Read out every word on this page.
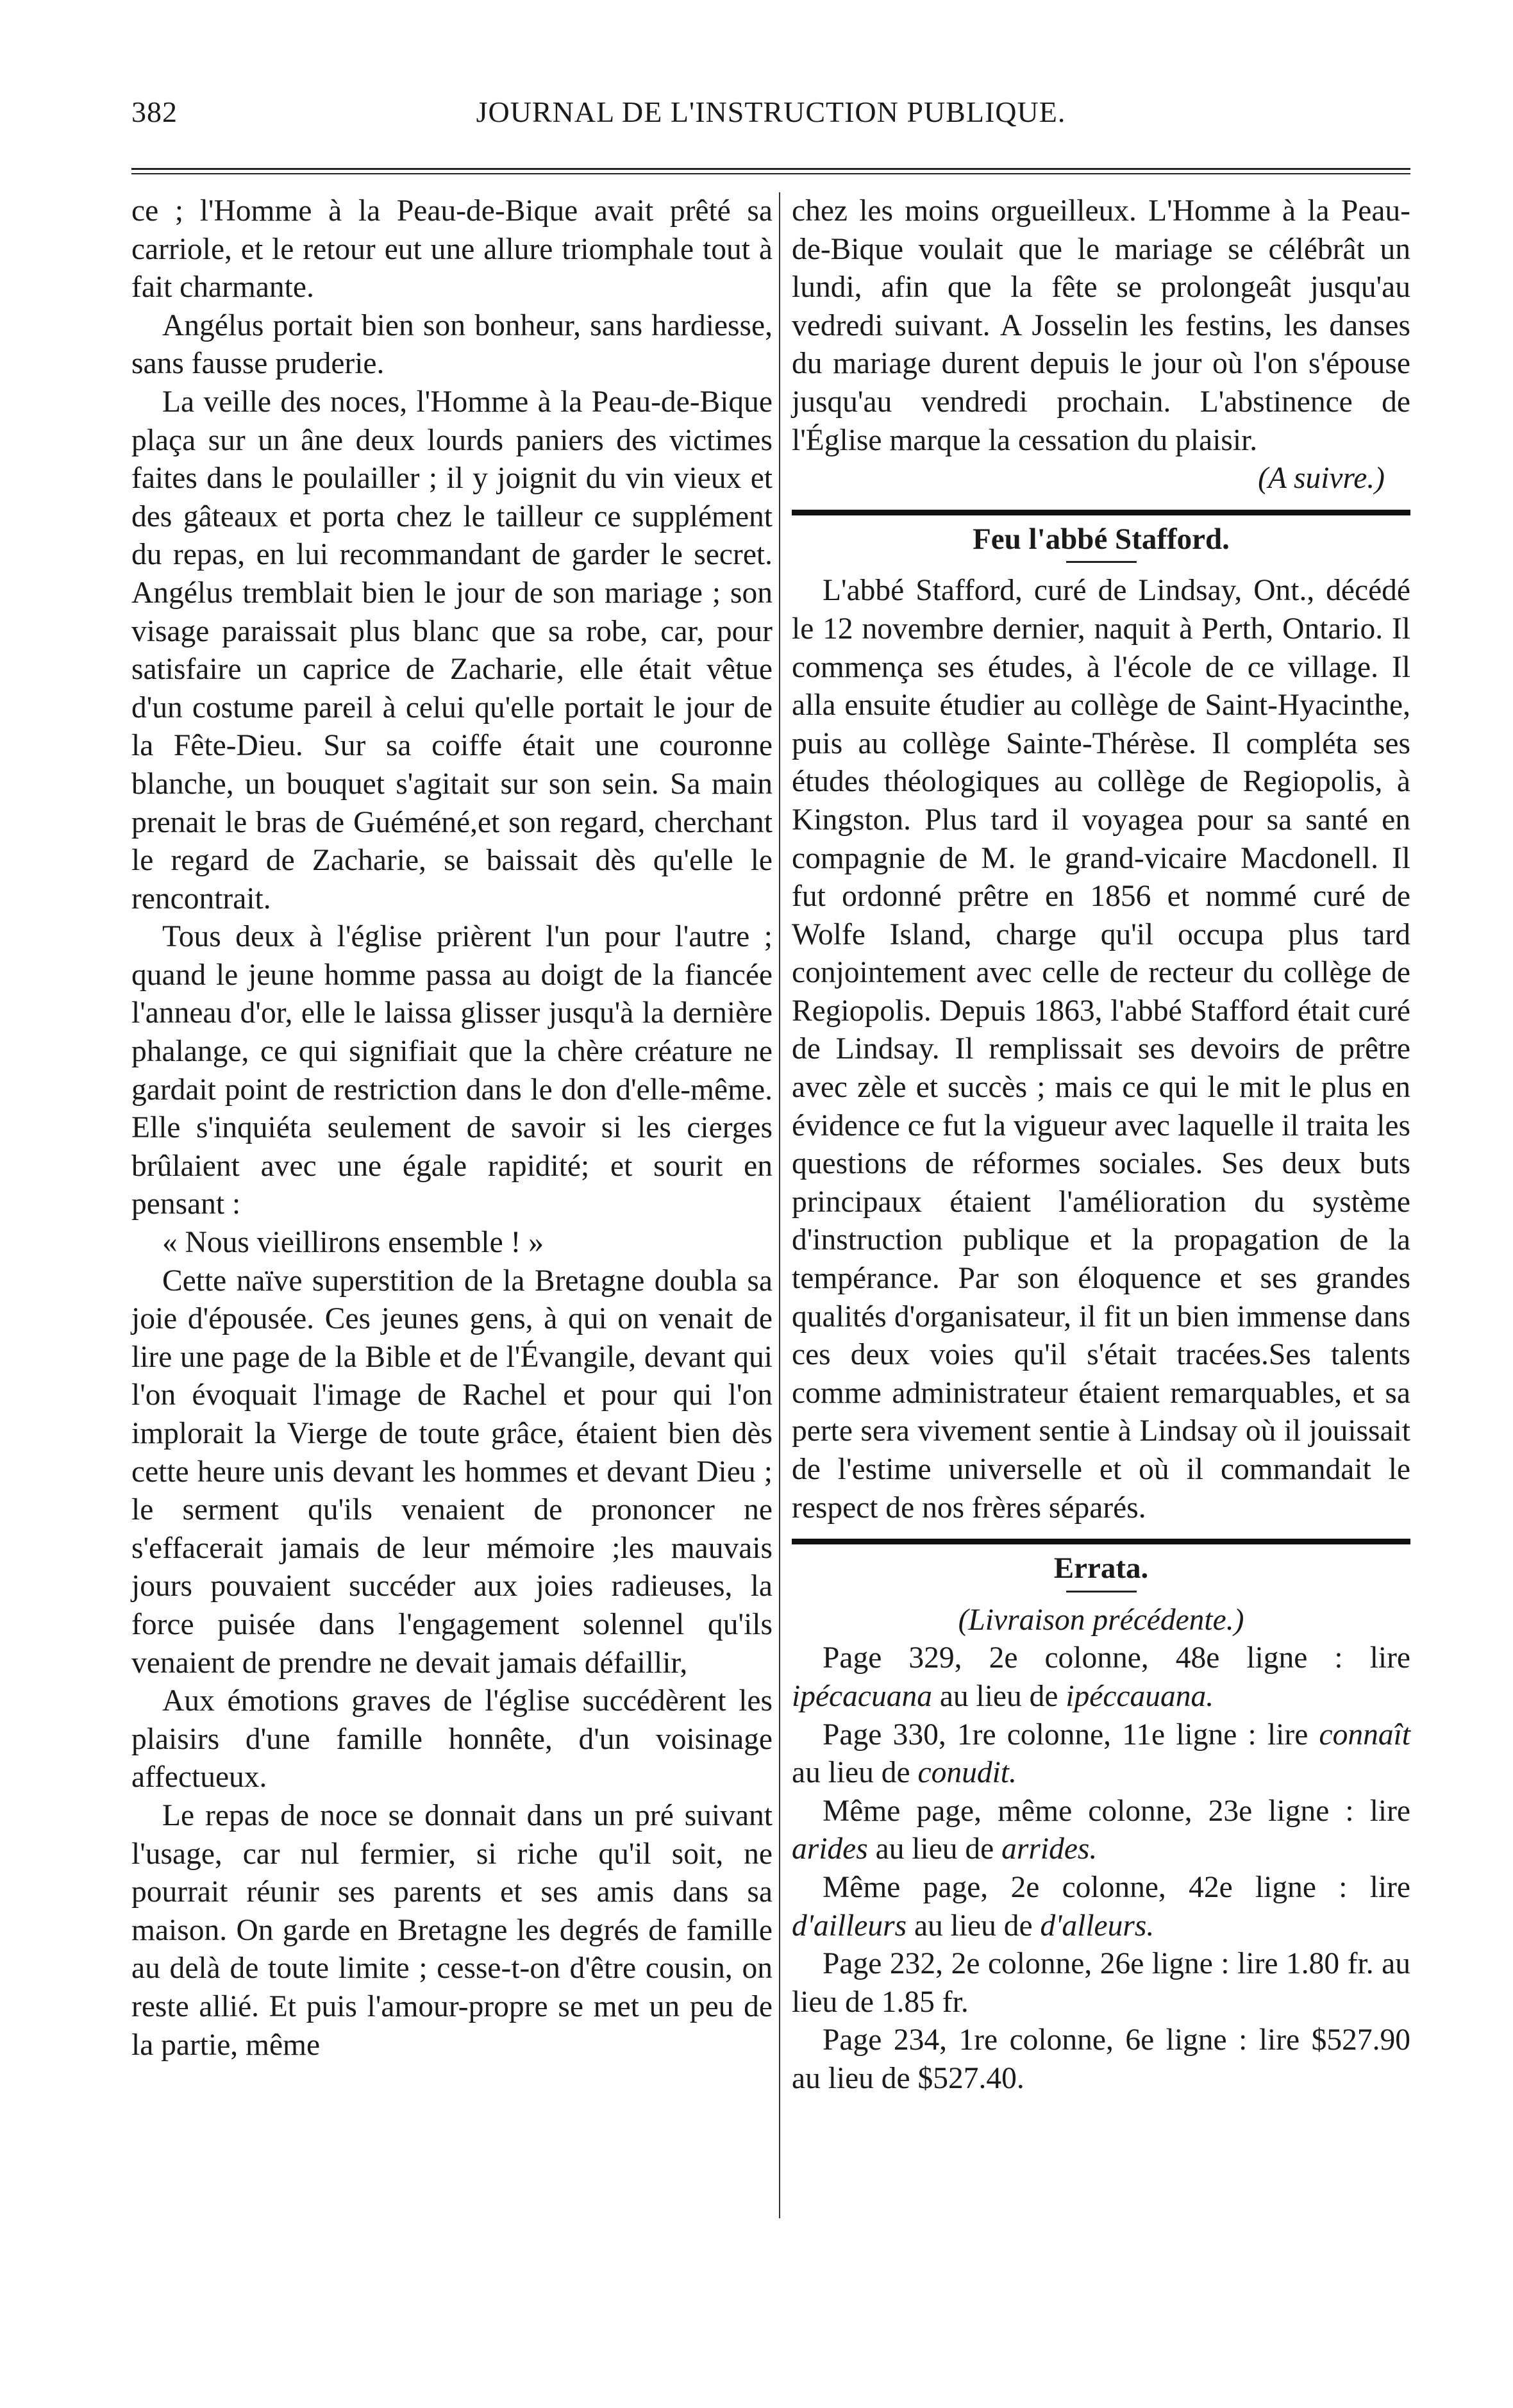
382	JOURNAL DE L'INSTRUCTION PUBLIQUE.

ce ; l'Homme à la Peau-de-Bique avait prêté sa carriole, et le retour eut une allure triomphale tout à fait charmante.

Angélus portait bien son bonheur, sans hardiesse, sans fausse pruderie.

La veille des noces, l'Homme à la Peau-de-Bique plaça sur un âne deux lourds paniers des victimes faites dans le poulailler ; il y joignit du vin vieux et des gâteaux et porta chez le tailleur ce supplément du repas, en lui recommandant de garder le secret. Angélus tremblait bien le jour de son mariage ; son visage paraissait plus blanc que sa robe, car, pour satisfaire un caprice de Zacharie, elle était vêtue d'un costume pareil à celui qu'elle portait le jour de la Fête-Dieu. Sur sa coiffe était une couronne blanche, un bouquet s'agitait sur son sein. Sa main prenait le bras de Guéméné,et son regard, cherchant le regard de Zacharie, se baissait dès qu'elle le rencontrait.

Tous deux à l'église prièrent l'un pour l'autre ; quand le jeune homme passa au doigt de la fiancée l'anneau d'or, elle le laissa glisser jusqu'à la dernière phalange, ce qui signifiait que la chère créature ne gardait point de restriction dans le don d'elle-même. Elle s'inquiéta seulement de savoir si les cierges brûlaient avec une égale rapidité; et sourit en pensant :

« Nous vieillirons ensemble ! »

Cette naïve superstition de la Bretagne doubla sa joie d'épousée. Ces jeunes gens, à qui on venait de lire une page de la Bible et de l'Évangile, devant qui l'on évoquait l'image de Rachel et pour qui l'on implorait la Vierge de toute grâce, étaient bien dès cette heure unis devant les hommes et devant Dieu ; le serment qu'ils venaient de prononcer ne s'effacerait jamais de leur mémoire ;les mauvais jours pouvaient succéder aux joies radieuses, la force puisée dans l'engagement solennel qu'ils venaient de prendre ne devait jamais défaillir,

Aux émotions graves de l'église succédèrent les plaisirs d'une famille honnête, d'un voisinage affectueux.

Le repas de noce se donnait dans un pré suivant l'usage, car nul fermier, si riche qu'il soit, ne pourrait réunir ses parents et ses amis dans sa maison. On garde en Bretagne les degrés de famille au delà de toute limite ; cesse-t-on d'être cousin, on reste allié. Et puis l'amour-propre se met un peu de la partie, même

chez les moins orgueilleux. L'Homme à la Peau-de-Bique voulait que le mariage se célébrât un lundi, afin que la fête se prolongeât jusqu'au vedredi suivant. A Josselin les festins, les danses du mariage durent depuis le jour où l'on s'épouse jusqu'au vendredi prochain. L'abstinence de l'Église marque la cessation du plaisir.

(A suivre.)

Feu l'abbé Stafford.

L'abbé Stafford, curé de Lindsay, Ont., décédé le 12 novembre dernier, naquit à Perth, Ontario. Il commença ses études, à l'école de ce village. Il alla ensuite étudier au collège de Saint-Hyacinthe, puis au collège Sainte-Thérèse. Il compléta ses études théologiques au collège de Regiopolis, à Kingston. Plus tard il voyagea pour sa santé en compagnie de M. le grand-vicaire Macdonell. Il fut ordonné prêtre en 1856 et nommé curé de Wolfe Island, charge qu'il occupa plus tard conjointement avec celle de recteur du collège de Regiopolis. Depuis 1863, l'abbé Stafford était curé de Lindsay. Il remplissait ses devoirs de prêtre avec zèle et succès ; mais ce qui le mit le plus en évidence ce fut la vigueur avec laquelle il traita les questions de réformes sociales. Ses deux buts principaux étaient l'amélioration du système d'instruction publique et la propagation de la tempérance. Par son éloquence et ses grandes qualités d'organisateur, il fit un bien immense dans ces deux voies qu'il s'était tracées.Ses talents comme administrateur étaient remarquables, et sa perte sera vivement sentie à Lindsay où il jouissait de l'estime universelle et où il commandait le respect de nos frères séparés.

Errata.

(Livraison précédente.)

Page 329, 2e colonne, 48e ligne : lire ipécacuana au lieu de ipéccauana.

Page 330, 1re colonne, 11e ligne : lire connaît au lieu de conudit.

Même page, même colonne, 23e ligne : lire arides au lieu de arrides.

Même page, 2e colonne, 42e ligne : lire d'ailleurs au lieu de d'alleurs.

Page 232, 2e colonne, 26e ligne : lire 1.80 fr. au lieu de 1.85 fr.

Page 234, 1re colonne, 6e ligne : lire $527.90 au lieu de $527.40.
